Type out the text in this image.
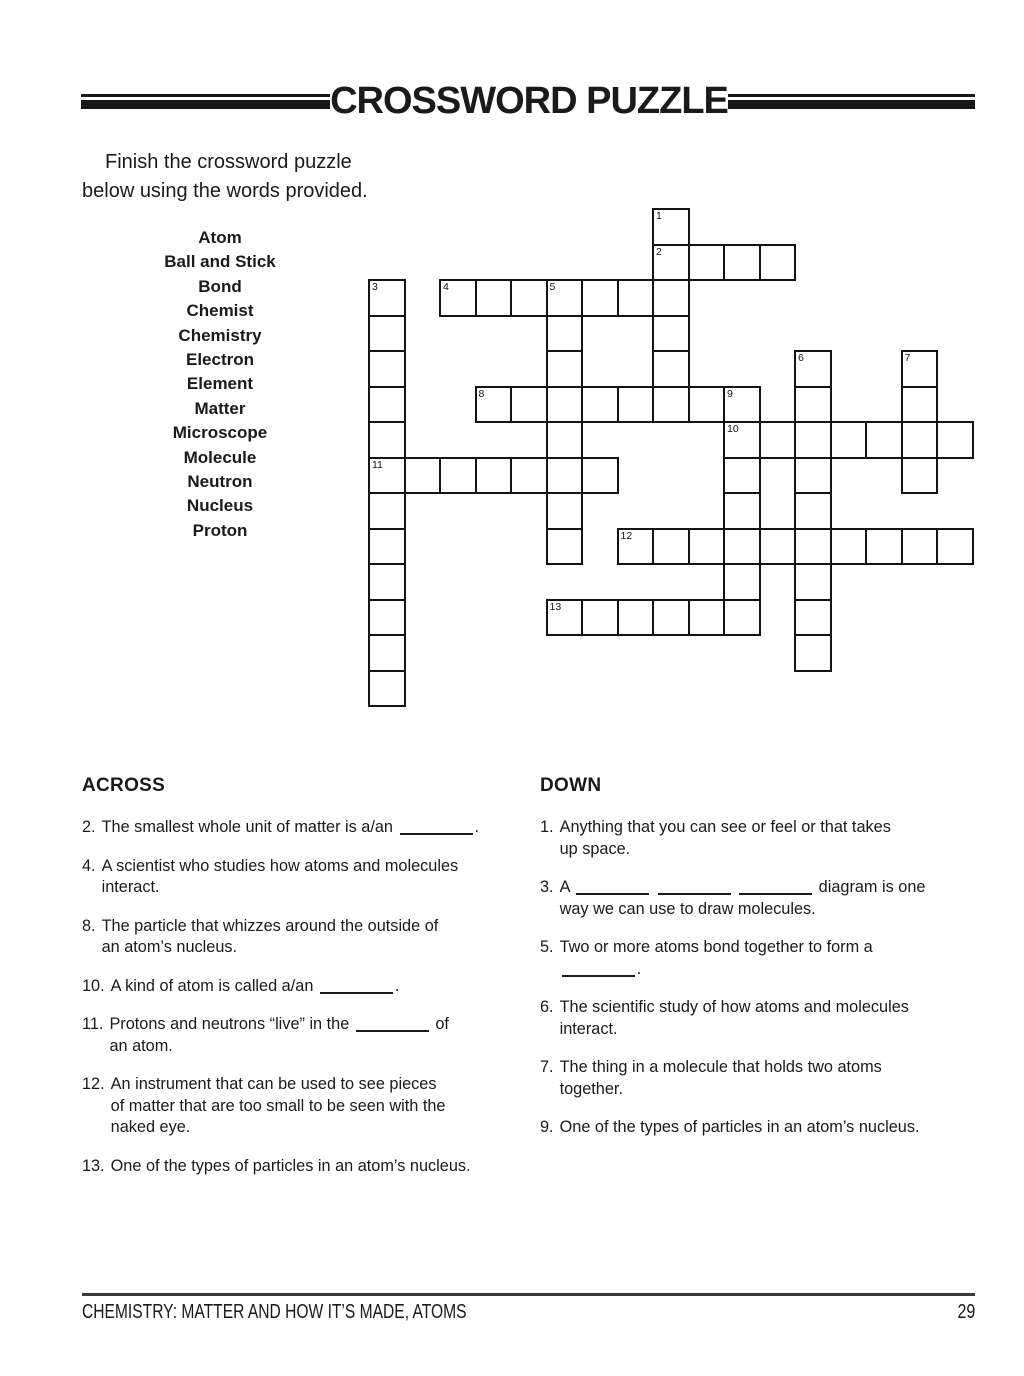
CROSSWORD PUZZLE
Finish the crossword puzzle
below using the words provided.
Atom
Ball and Stick
Bond
Chemist
Chemistry
Electron
Element
Matter
Microscope
Molecule
Neutron
Nucleus
Proton
1
2
3	4	5
6	7
8	9
10
11
12
13
ACROSS
2. The smallest whole unit of matter is a/an	.
4. A scientist who studies how atoms and molecules
interact.
8. The particle that whizzes around the outside of
an atom’s nucleus.
10. A kind of atom is called a/an	.
11. Protons and neutrons “live” in the	of
an atom.
12. An instrument that can be used to see pieces
of matter that are too small to be seen with the
naked eye.
13. One of the types of particles in an atom’s nucleus.
DOWN
1. Anything that you can see or feel or that takes
up space.
3. A	diagram is one
way we can use to draw molecules.
5. Two or more atoms bond together to form a
.
6. The scientific study of how atoms and molecules
interact.
7. The thing in a molecule that holds two atoms
together.
9. One of the types of particles in an atom’s nucleus.
CHEMISTRY: MATTER AND HOW IT’S MADE, ATOMS	29
